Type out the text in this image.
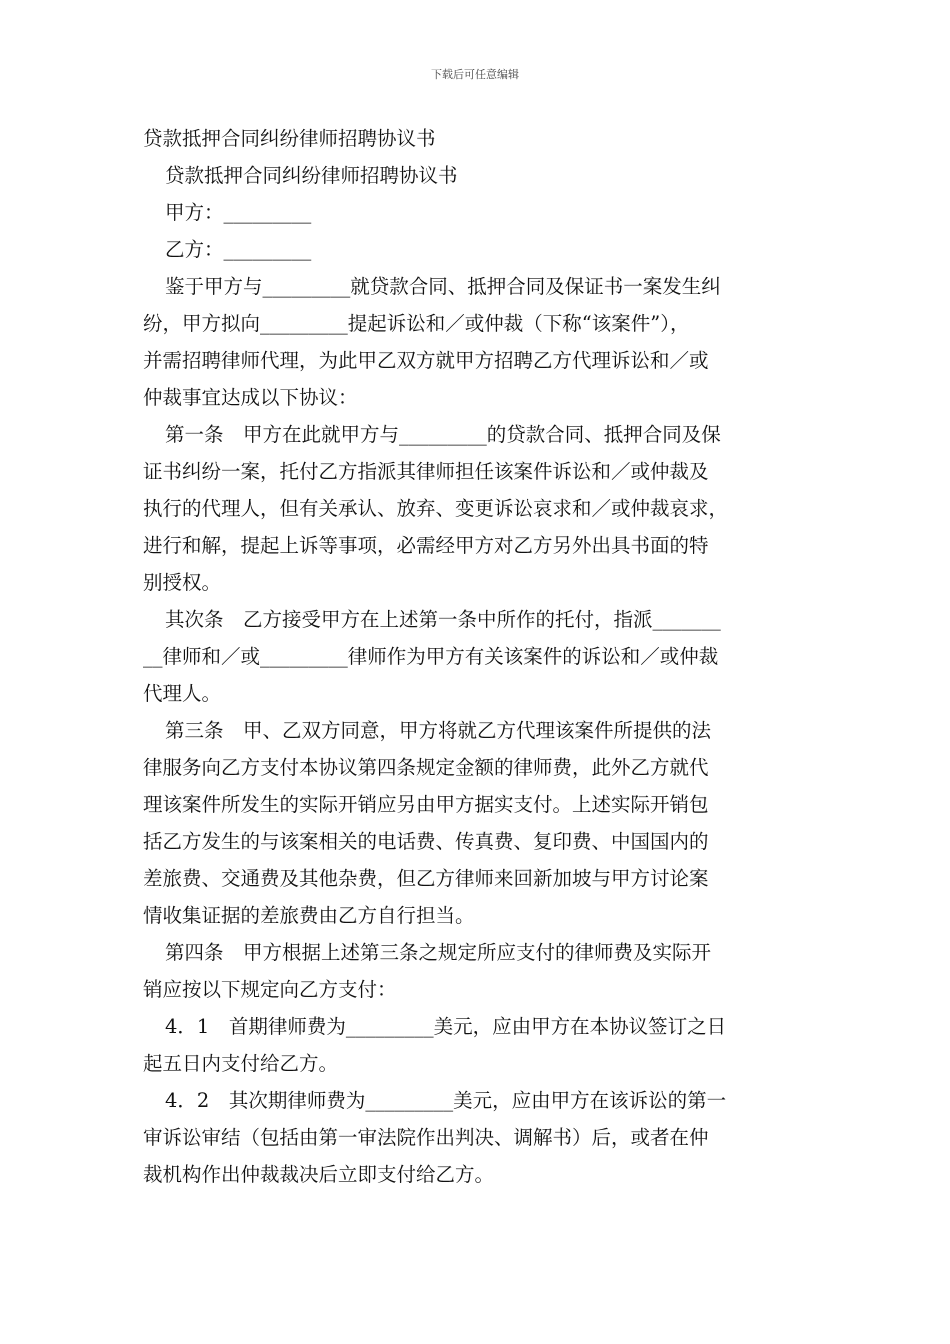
下载后可任意编辑
贷款抵押合同纠纷律师招聘协议书
贷款抵押合同纠纷律师招聘协议书
甲方：_________
乙方：_________
鉴于甲方与_________就贷款合同、抵押合同及保证书一案发生纠
纷，甲方拟向_________提起诉讼和／或仲裁（下称“该案件”），
并需招聘律师代理，为此甲乙双方就甲方招聘乙方代理诉讼和／或
仲裁事宜达成以下协议：
第一条　甲方在此就甲方与_________的贷款合同、抵押合同及保
证书纠纷一案，托付乙方指派其律师担任该案件诉讼和／或仲裁及
执行的代理人，但有关承认、放弃、变更诉讼哀求和／或仲裁哀求，
进行和解，提起上诉等事项，必需经甲方对乙方另外出具书面的特
别授权。
其次条　乙方接受甲方在上述第一条中所作的托付，指派_______
__律师和／或_________律师作为甲方有关该案件的诉讼和／或仲裁
代理人。
第三条　甲、乙双方同意，甲方将就乙方代理该案件所提供的法
律服务向乙方支付本协议第四条规定金额的律师费，此外乙方就代
理该案件所发生的实际开销应另由甲方据实支付。上述实际开销包
括乙方发生的与该案相关的电话费、传真费、复印费、中国国内的
差旅费、交通费及其他杂费，但乙方律师来回新加坡与甲方讨论案
情收集证据的差旅费由乙方自行担当。
第四条　甲方根据上述第三条之规定所应支付的律师费及实际开
销应按以下规定向乙方支付：
4．1　首期律师费为_________美元，应由甲方在本协议签订之日
起五日内支付给乙方。
4．2　其次期律师费为_________美元，应由甲方在该诉讼的第一
审诉讼审结（包括由第一审法院作出判决、调解书）后，或者在仲
裁机构作出仲裁裁决后立即支付给乙方。
